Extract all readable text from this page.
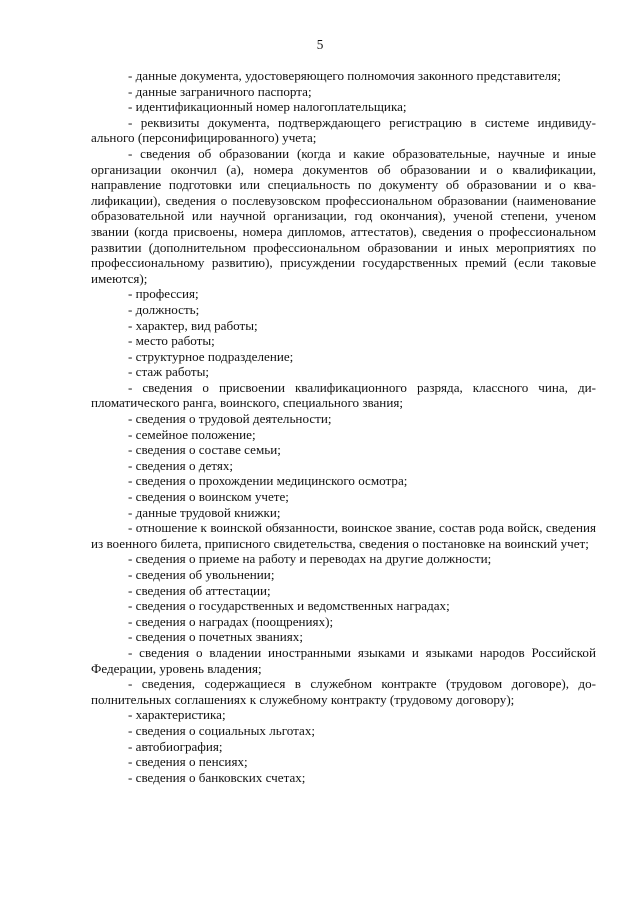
5

- данные документа, удостоверяющего полномочия законного представителя;

- данные заграничного паспорта;

- идентификационный номер налогоплательщика;

- реквизиты документа, подтверждающего регистрацию в системе индивидуального (персонифицированного) учета;

- сведения об образовании (когда и какие образовательные, научные и иные организации окончил (а), номера документов об образовании и о квалификации, направление подготовки или специальность по документу об образовании и о квалификации), сведения о послевузовском профессиональном образовании (наименование образовательной или научной организации, год окончания), ученой степени, ученом звании (когда присвоены, номера дипломов, аттестатов), сведения о профессиональном развитии (дополнительном профессиональном образовании и иных мероприятиях по профессиональному развитию), присуждении государственных премий (если таковые имеются);

- профессия;

- должность;

- характер, вид работы;

- место работы;

- структурное подразделение;

- стаж работы;

- сведения о присвоении квалификационного разряда, классного чина, дипломатического ранга, воинского, специального звания;

- сведения о трудовой деятельности;

- семейное положение;

- сведения о составе семьи;

- сведения о детях;

- сведения о прохождении медицинского осмотра;

- сведения о воинском учете;

- данные трудовой книжки;

- отношение к воинской обязанности, воинское звание, состав рода войск, сведения из военного билета, приписного свидетельства, сведения о постановке на воинский учет;

- сведения о приеме на работу и переводах на другие должности;

- сведения об увольнении;

- сведения об аттестации;

- сведения о государственных и ведомственных наградах;

- сведения о наградах (поощрениях);

- сведения о почетных званиях;

- сведения о владении иностранными языками и языками народов Российской Федерации, уровень владения;

- сведения, содержащиеся в служебном контракте (трудовом договоре), дополнительных соглашениях к служебному контракту (трудовому договору);

- характеристика;

- сведения о социальных льготах;

- автобиография;

- сведения о пенсиях;

- сведения о банковских счетах;
